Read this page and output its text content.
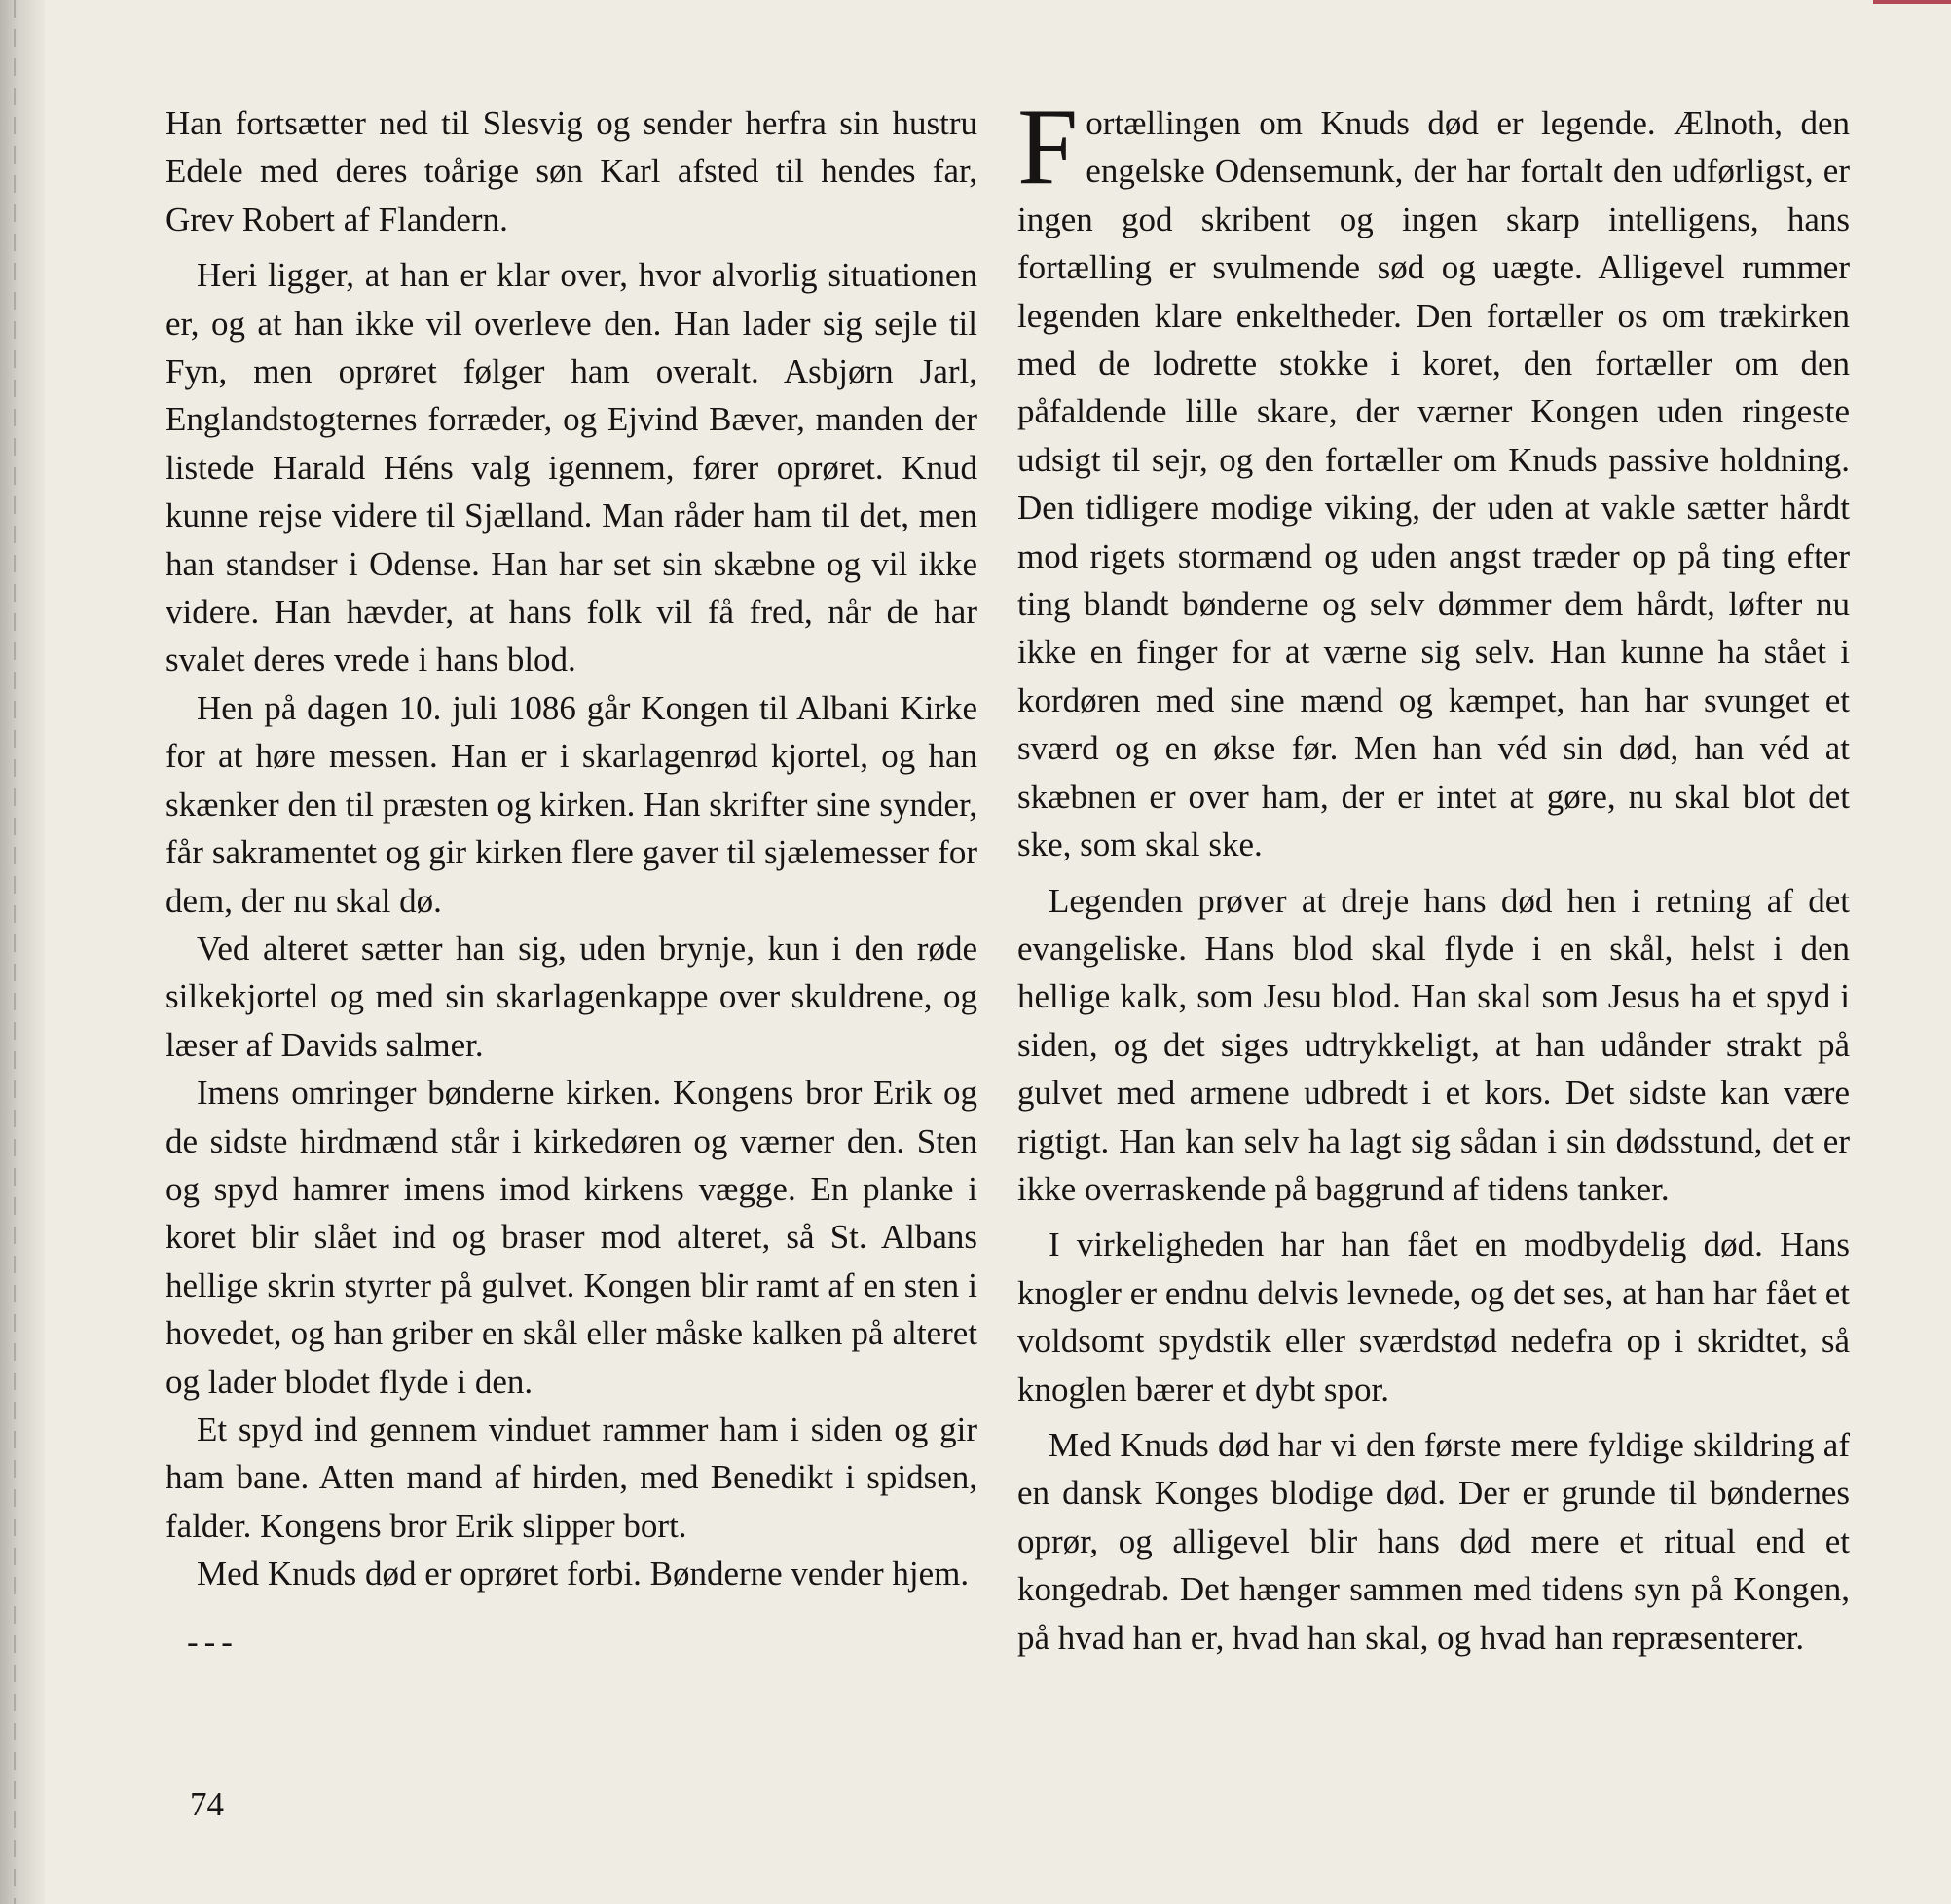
Han fortsætter ned til Slesvig og sender herfra sin hustru Edele med deres toårige søn Karl afsted til hendes far, Grev Robert af Flandern.

Heri ligger, at han er klar over, hvor alvorlig situationen er, og at han ikke vil overleve den. Han lader sig sejle til Fyn, men oprøret følger ham overalt. Asbjørn Jarl, Englandstogternes forræder, og Ejvind Bæver, manden der listede Harald Héns valg igennem, fører oprøret. Knud kunne rejse videre til Sjælland. Man råder ham til det, men han standser i Odense. Han har set sin skæbne og vil ikke videre. Han hævder, at hans folk vil få fred, når de har svalet deres vrede i hans blod.

Hen på dagen 10. juli 1086 går Kongen til Albani Kirke for at høre messen. Han er i skarlagenrød kjortel, og han skænker den til præsten og kirken. Han skrifter sine synder, får sakramentet og gir kirken flere gaver til sjælemesser for dem, der nu skal dø.

Ved alteret sætter han sig, uden brynje, kun i den røde silkekjortel og med sin skarlagenkappe over skuldrene, og læser af Davids salmer.

Imens omringer bønderne kirken. Kongens bror Erik og de sidste hirdmænd står i kirkedøren og værner den. Sten og spyd hamrer imens imod kirkens vægge. En planke i koret blir slået ind og braser mod alteret, så St. Albans hellige skrin styrter på gulvet. Kongen blir ramt af en sten i hovedet, og han griber en skål eller måske kalken på alteret og lader blodet flyde i den.

Et spyd ind gennem vinduet rammer ham i siden og gir ham bane. Atten mand af hirden, med Benedikt i spidsen, falder. Kongens bror Erik slipper bort.

Med Knuds død er oprøret forbi. Bønderne vender hjem.

---

Fortællingen om Knuds død er legende. Ælnoth, den engelske Odensemunk, der har fortalt den udførligst, er ingen god skribent og ingen skarp intelligens, hans fortælling er svulmende sød og uægte. Alligevel rummer legenden klare enkeltheder. Den fortæller os om trækirken med de lodrette stokke i koret, den fortæller om den påfaldende lille skare, der værner Kongen uden ringeste udsigt til sejr, og den fortæller om Knuds passive holdning. Den tidligere modige viking, der uden at vakle sætter hårdt mod rigets stormænd og uden angst træder op på ting efter ting blandt bønderne og selv dømmer dem hårdt, løfter nu ikke en finger for at værne sig selv. Han kunne ha stået i kordøren med sine mænd og kæmpet, han har svunget et sværd og en økse før. Men han véd sin død, han véd at skæbnen er over ham, der er intet at gøre, nu skal blot det ske, som skal ske.

Legenden prøver at dreje hans død hen i retning af det evangeliske. Hans blod skal flyde i en skål, helst i den hellige kalk, som Jesu blod. Han skal som Jesus ha et spyd i siden, og det siges udtrykkeligt, at han udånder strakt på gulvet med armene udbredt i et kors. Det sidste kan være rigtigt. Han kan selv ha lagt sig sådan i sin dødsstund, det er ikke overraskende på baggrund af tidens tanker.

I virkeligheden har han fået en modbydelig død. Hans knogler er endnu delvis levnede, og det ses, at han har fået et voldsomt spydstik eller sværdstød nedefra op i skridtet, så knoglen bærer et dybt spor.

Med Knuds død har vi den første mere fyldige skildring af en dansk Konges blodige død. Der er grunde til bøndernes oprør, og alligevel blir hans død mere et ritual end et kongedrab. Det hænger sammen med tidens syn på Kongen, på hvad han er, hvad han skal, og hvad han repræsenterer.

74
